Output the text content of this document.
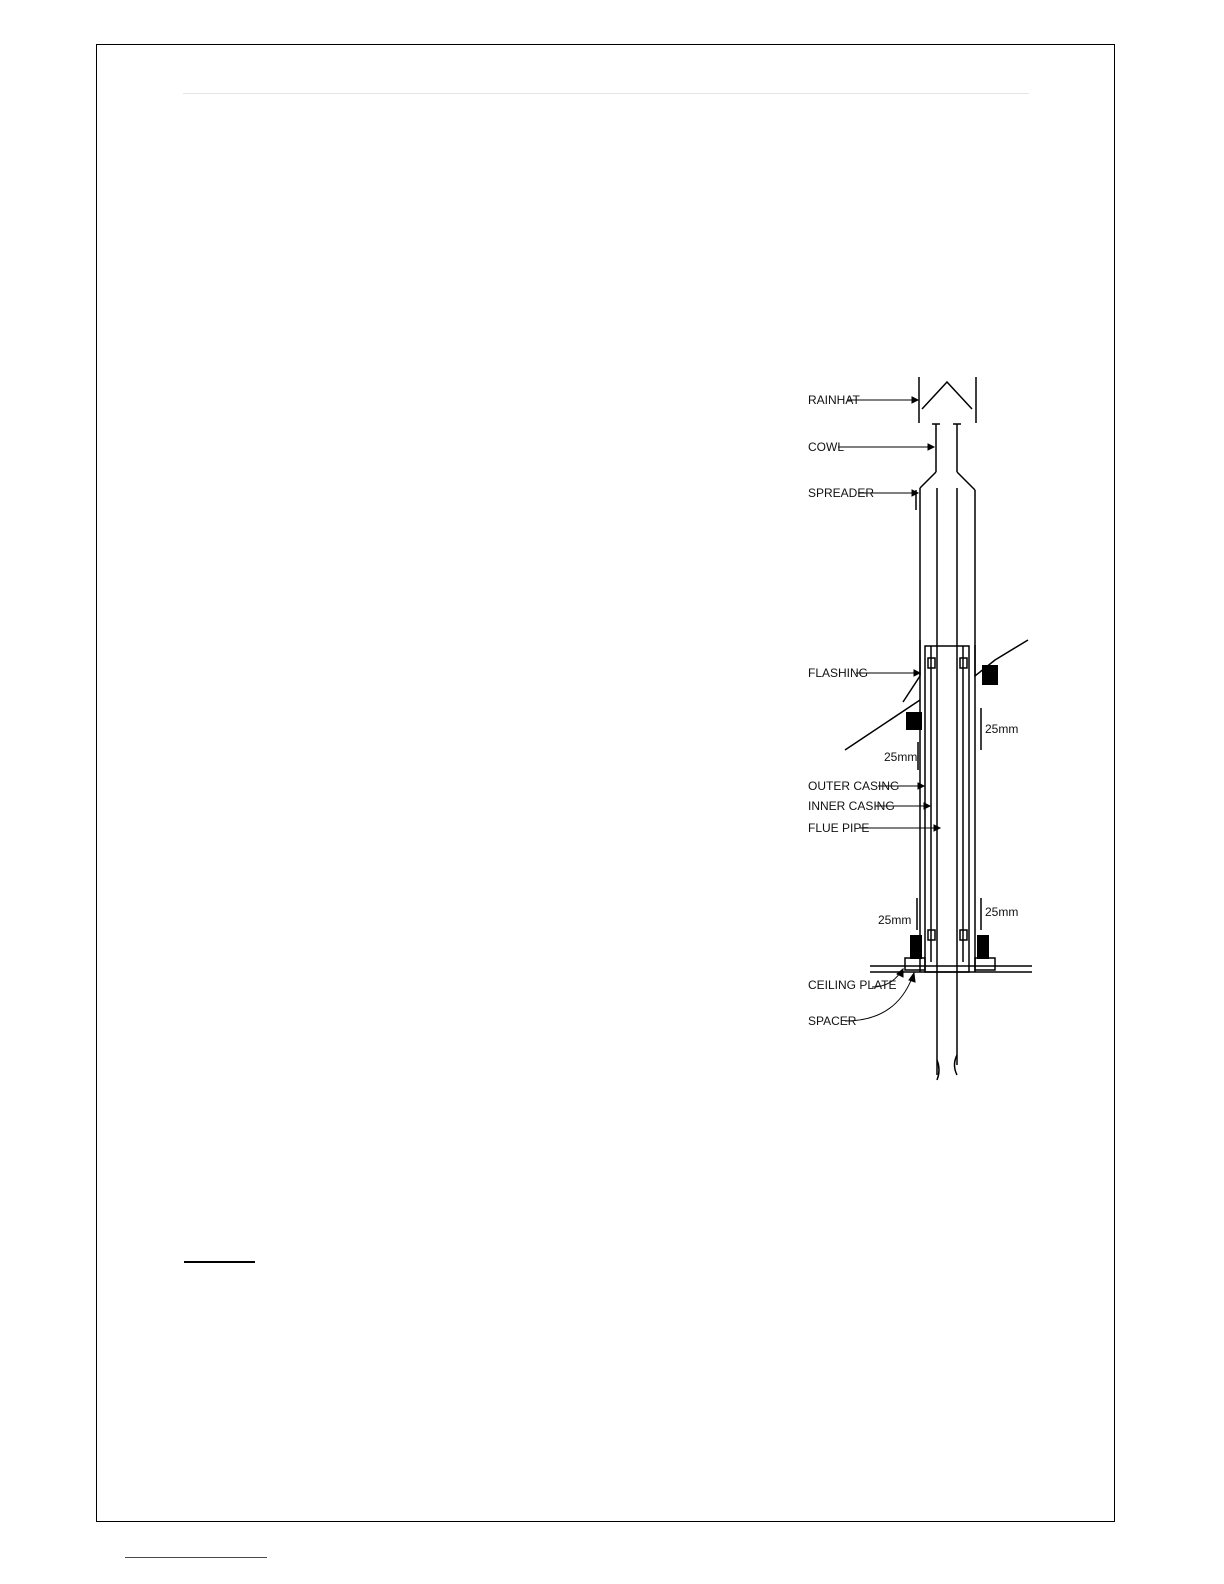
RAINHAT
COWL
SPREADER
FLASHING
OUTER CASING
INNER CASING
FLUE PIPE
CEILING PLATE
SPACER
25mm
25mm
25mm
25mm
